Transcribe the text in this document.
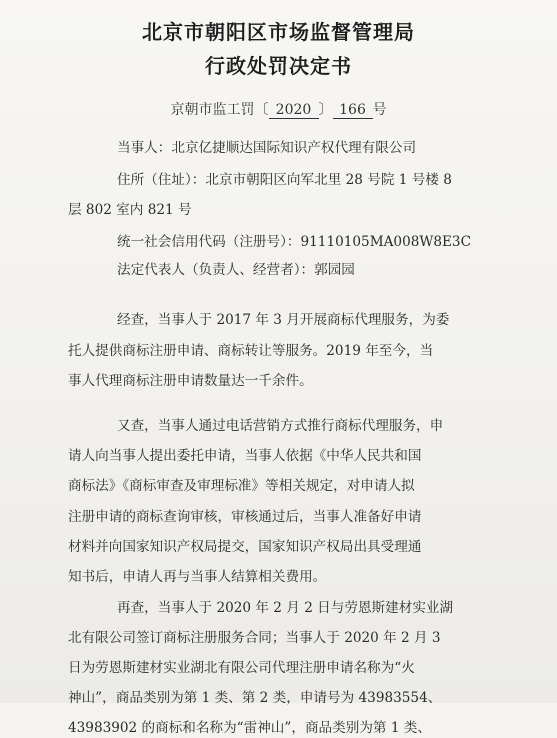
北京市朝阳区市场监督管理局
行政处罚决定书
京朝市监工罚〔 2020 〕 166 号
当事人：北京亿捷顺达国际知识产权代理有限公司
住所（住址）：北京市朝阳区向军北里 28 号院 1 号楼 8
层 802 室内 821 号
统一社会信用代码（注册号）：91110105MA008W8E3C
法定代表人（负责人、经营者）：郭园园
经查，当事人于 2017 年 3 月开展商标代理服务，为委
托人提供商标注册申请、商标转让等服务。2019 年至今，当
事人代理商标注册申请数量达一千余件。
又查，当事人通过电话营销方式推行商标代理服务，申
请人向当事人提出委托申请，当事人依据《中华人民共和国
商标法》《商标审查及审理标准》等相关规定，对申请人拟
注册申请的商标查询审核，审核通过后，当事人准备好申请
材料并向国家知识产权局提交，国家知识产权局出具受理通
知书后，申请人再与当事人结算相关费用。
再查，当事人于 2020 年 2 月 2 日与劳恩斯建材实业湖
北有限公司签订商标注册服务合同；当事人于 2020 年 2 月 3
日为劳恩斯建材实业湖北有限公司代理注册申请名称为“火
神山”，商品类别为第 1 类、第 2 类，申请号为 43983554、
43983902 的商标和名称为“雷神山”，商品类别为第 1 类、
